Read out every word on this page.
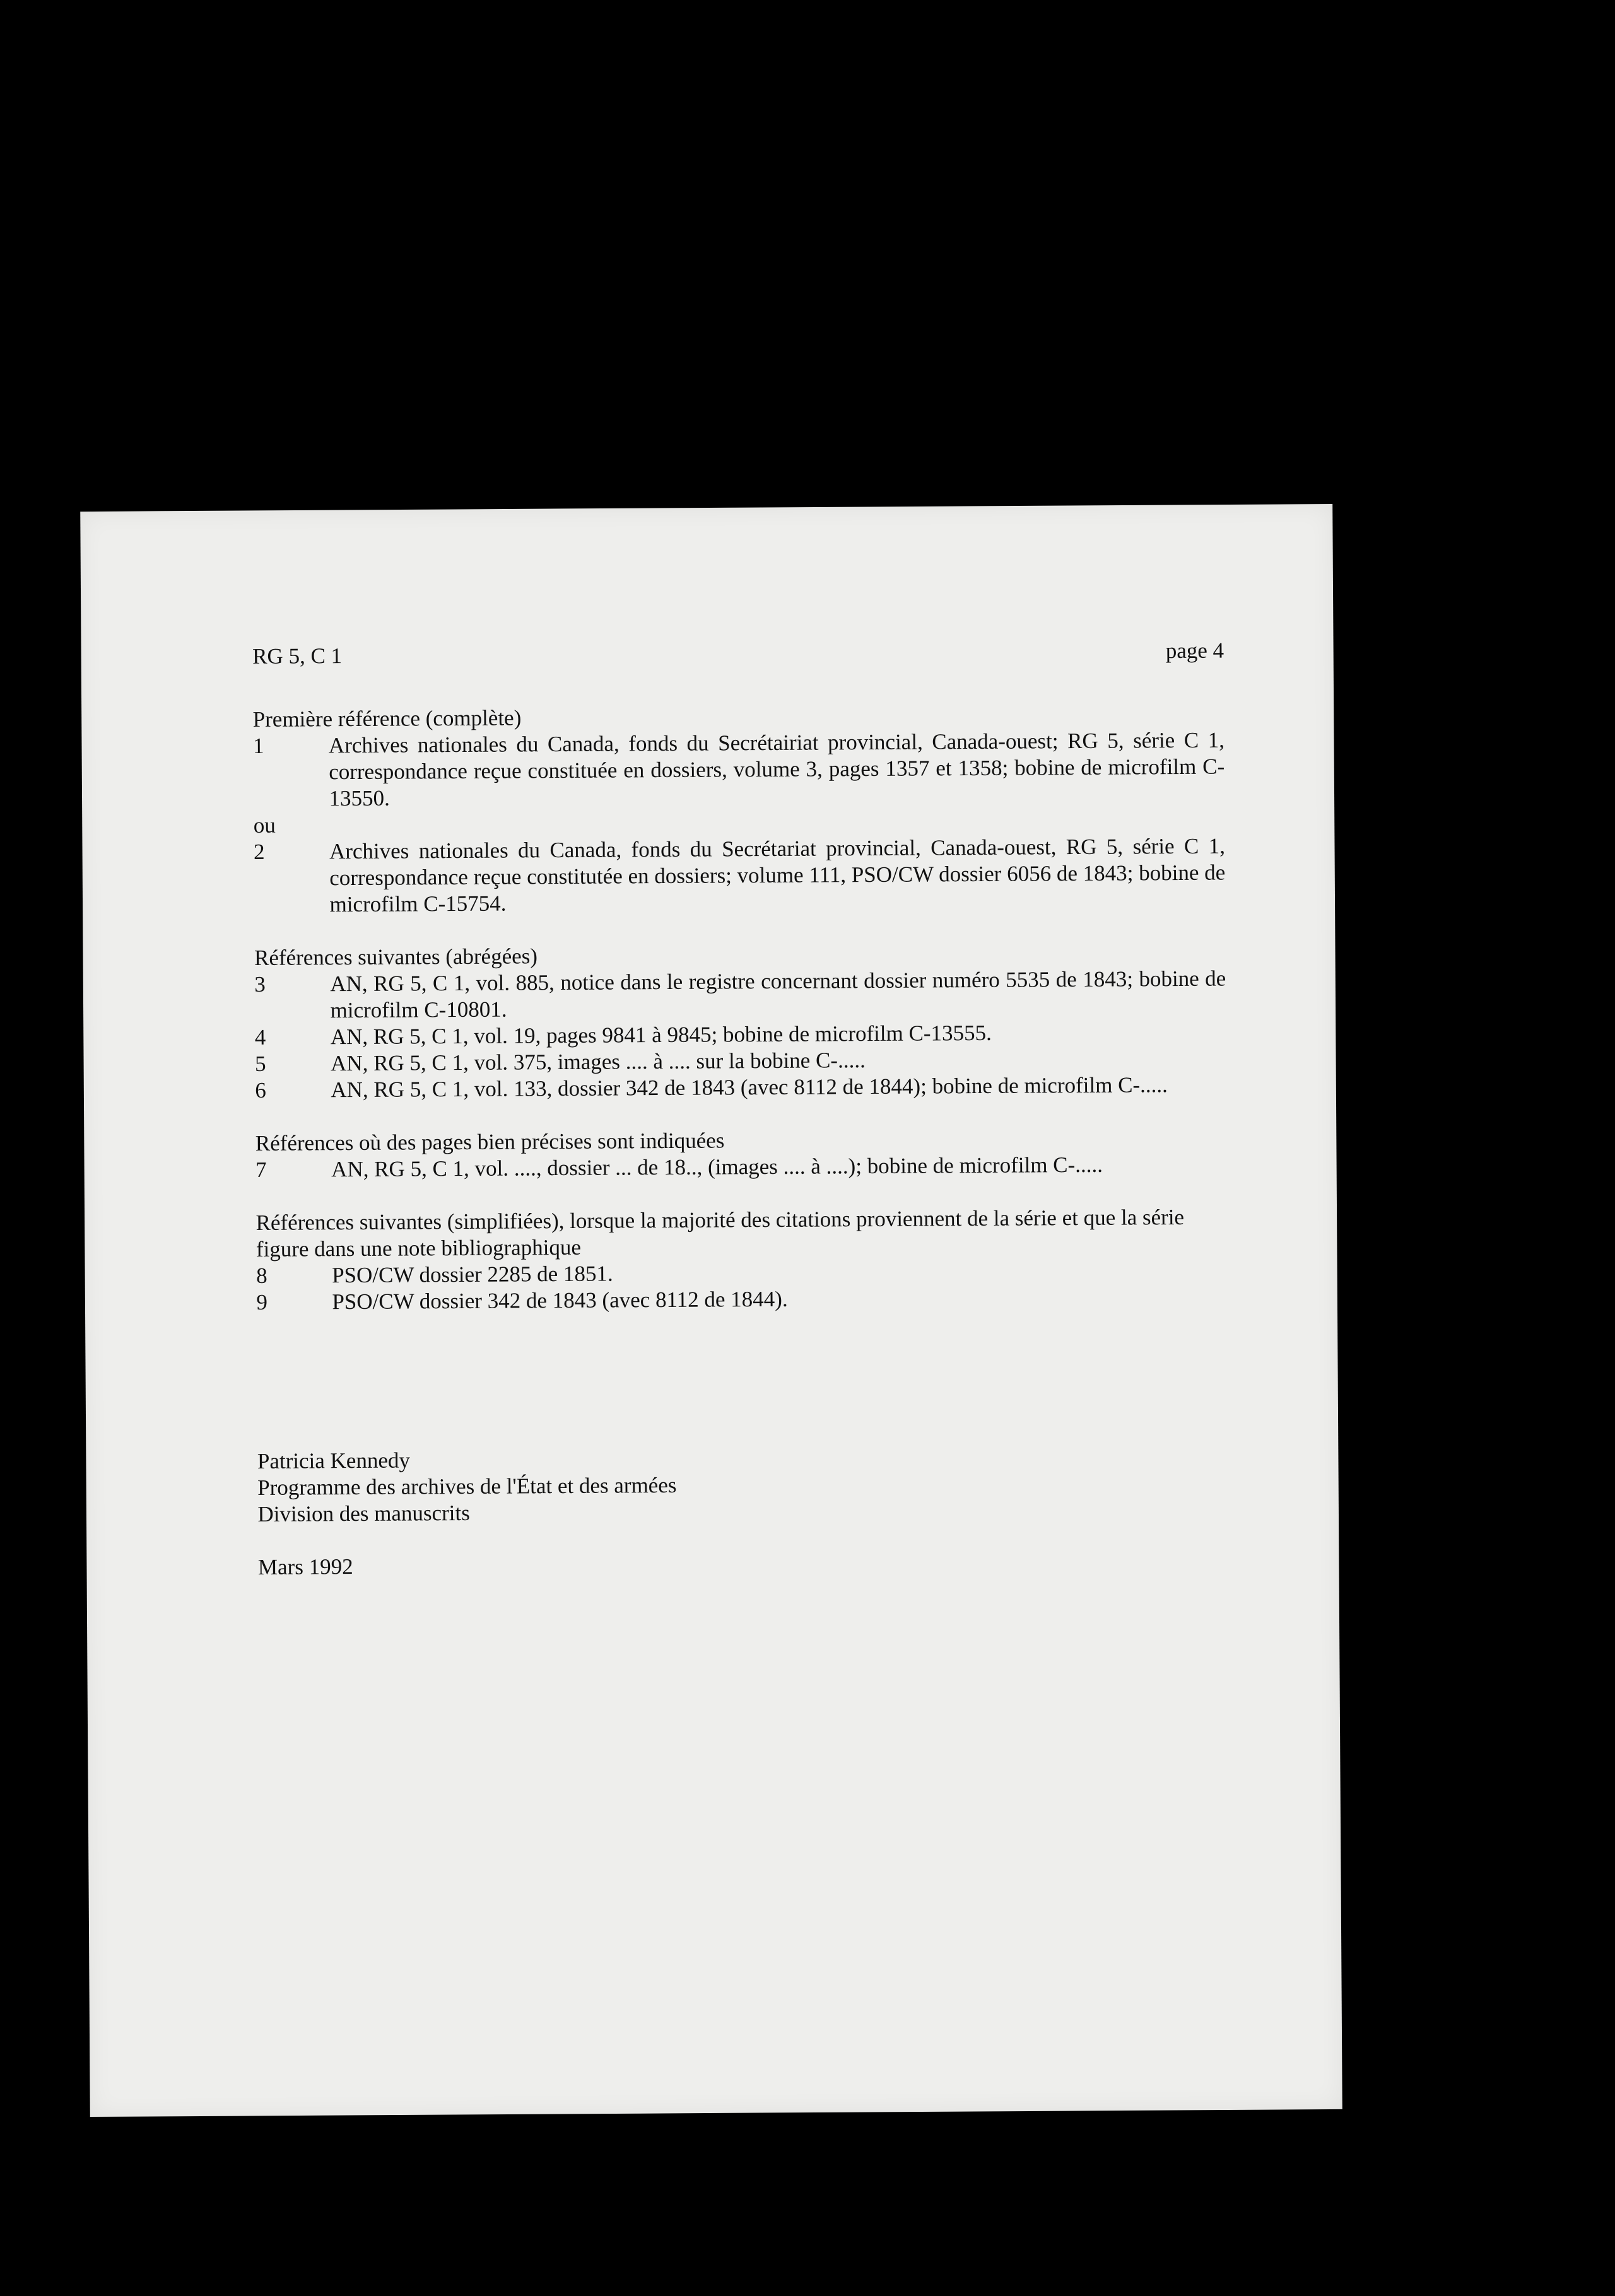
RG 5, C 1	page 4

Première référence (complète)

1	Archives nationales du Canada, fonds du Secrétairiat provincial, Canada-ouest; RG 5, série C 1, correspondance reçue constituée en dossiers, volume 3, pages 1357 et 1358; bobine de microfilm C-13550.

ou

2	Archives nationales du Canada, fonds du Secrétariat provincial, Canada-ouest, RG 5, série C 1, correspondance reçue constitutée en dossiers; volume 111, PSO/CW dossier 6056 de 1843; bobine de microfilm C-15754.

Références suivantes (abrégées)

3	AN, RG 5, C 1, vol. 885, notice dans le registre concernant dossier numéro 5535 de 1843; bobine de microfilm C-10801.
4	AN, RG 5, C 1, vol. 19, pages 9841 à 9845; bobine de microfilm C-13555.
5	AN, RG 5, C 1, vol. 375, images .... à .... sur la bobine C-.....
6	AN, RG 5, C 1, vol. 133, dossier 342 de 1843 (avec 8112 de 1844); bobine de microfilm C-.....

Références où des pages bien précises sont indiquées

7	AN, RG 5, C 1, vol. ...., dossier ... de 18.., (images .... à ....); bobine de microfilm C-.....

Références suivantes (simplifiées), lorsque la majorité des citations proviennent de la série et que la série figure dans une note bibliographique

8	PSO/CW dossier 2285 de 1851.
9	PSO/CW dossier 342 de 1843 (avec 8112 de 1844).

Patricia Kennedy

Programme des archives de l'État et des armées

Division des manuscrits

Mars 1992
